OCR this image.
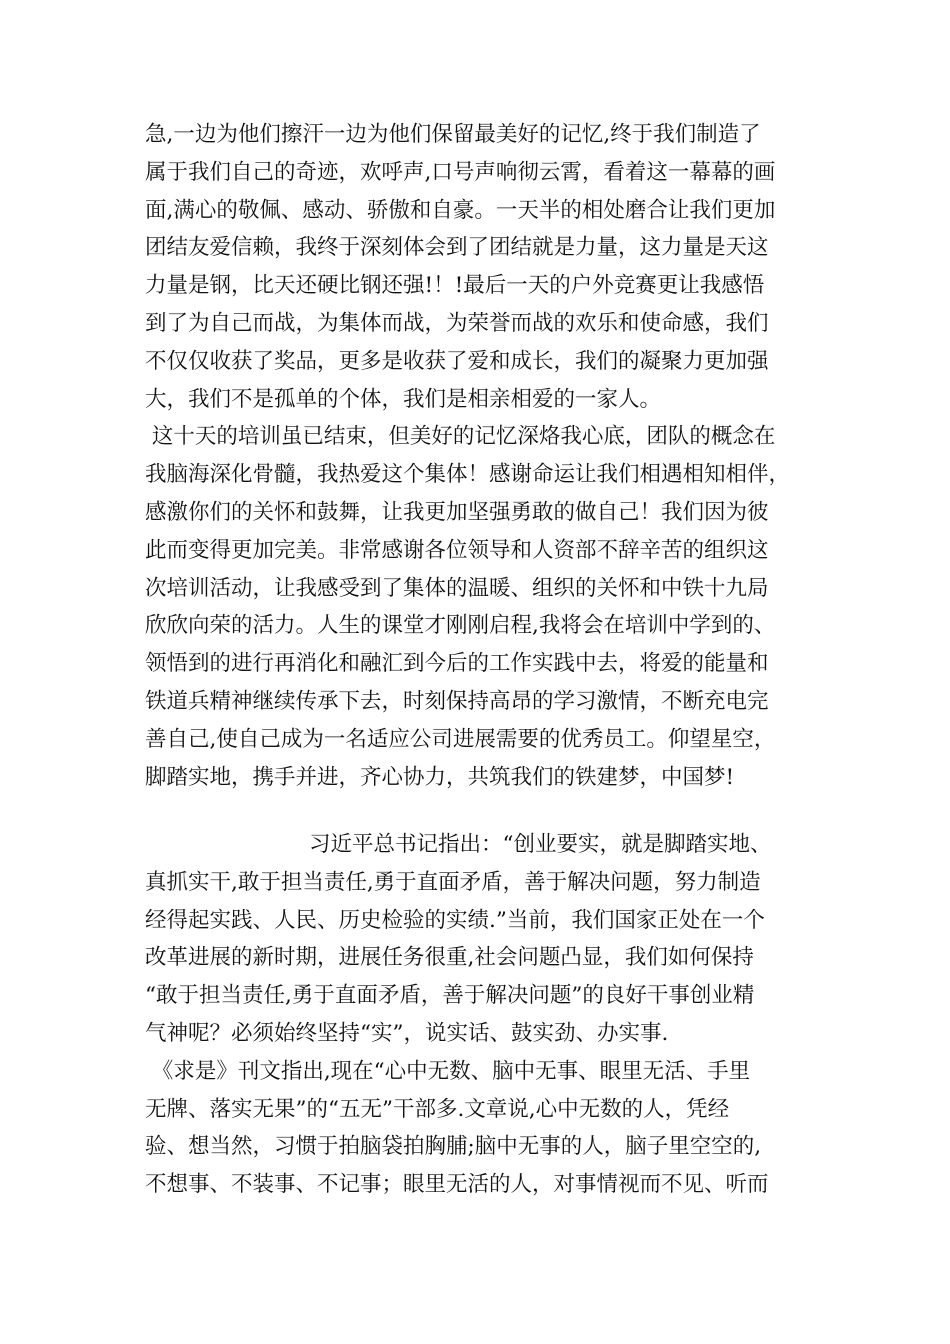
急,一边为他们擦汗一边为他们保留最美好的记忆,终于我们制造了
属于我们自己的奇迹，欢呼声,口号声响彻云霄，看着这一幕幕的画
面,满心的敬佩、感动、骄傲和自豪。一天半的相处磨合让我们更加
团结友爱信赖，我终于深刻体会到了团结就是力量，这力量是天这
力量是钢，比天还硬比钢还强!！!最后一天的户外竞赛更让我感悟
到了为自己而战，为集体而战，为荣誉而战的欢乐和使命感，我们
不仅仅收获了奖品，更多是收获了爱和成长，我们的凝聚力更加强
大，我们不是孤单的个体，我们是相亲相爱的一家人。
这十天的培训虽已结束，但美好的记忆深烙我心底，团队的概念在
我脑海深化骨髓，我热爱这个集体！感谢命运让我们相遇相知相伴，
感激你们的关怀和鼓舞，让我更加坚强勇敢的做自己！我们因为彼
此而变得更加完美。非常感谢各位领导和人资部不辞辛苦的组织这
次培训活动，让我感受到了集体的温暖、组织的关怀和中铁十九局
欣欣向荣的活力。人生的课堂才刚刚启程,我将会在培训中学到的、
领悟到的进行再消化和融汇到今后的工作实践中去，将爱的能量和
铁道兵精神继续传承下去，时刻保持高昂的学习激情，不断充电完
善自己,使自己成为一名适应公司进展需要的优秀员工。仰望星空，
脚踏实地，携手并进，齐心协力，共筑我们的铁建梦，中国梦!
习近平总书记指出：“创业要实，就是脚踏实地、
真抓实干,敢于担当责任,勇于直面矛盾，善于解决问题，努力制造
经得起实践、人民、历史检验的实绩.”当前，我们国家正处在一个
改革进展的新时期，进展任务很重,社会问题凸显，我们如何保持
“敢于担当责任,勇于直面矛盾，善于解决问题”的良好干事创业精
气神呢？必须始终坚持“实”，说实话、鼓实劲、办实事.
《求是》刊文指出,现在“心中无数、脑中无事、眼里无活、手里
无牌、落实无果”的“五无”干部多.文章说,心中无数的人，凭经
验、想当然，习惯于拍脑袋拍胸脯;脑中无事的人，脑子里空空的,
不想事、不装事、不记事；眼里无活的人，对事情视而不见、听而
